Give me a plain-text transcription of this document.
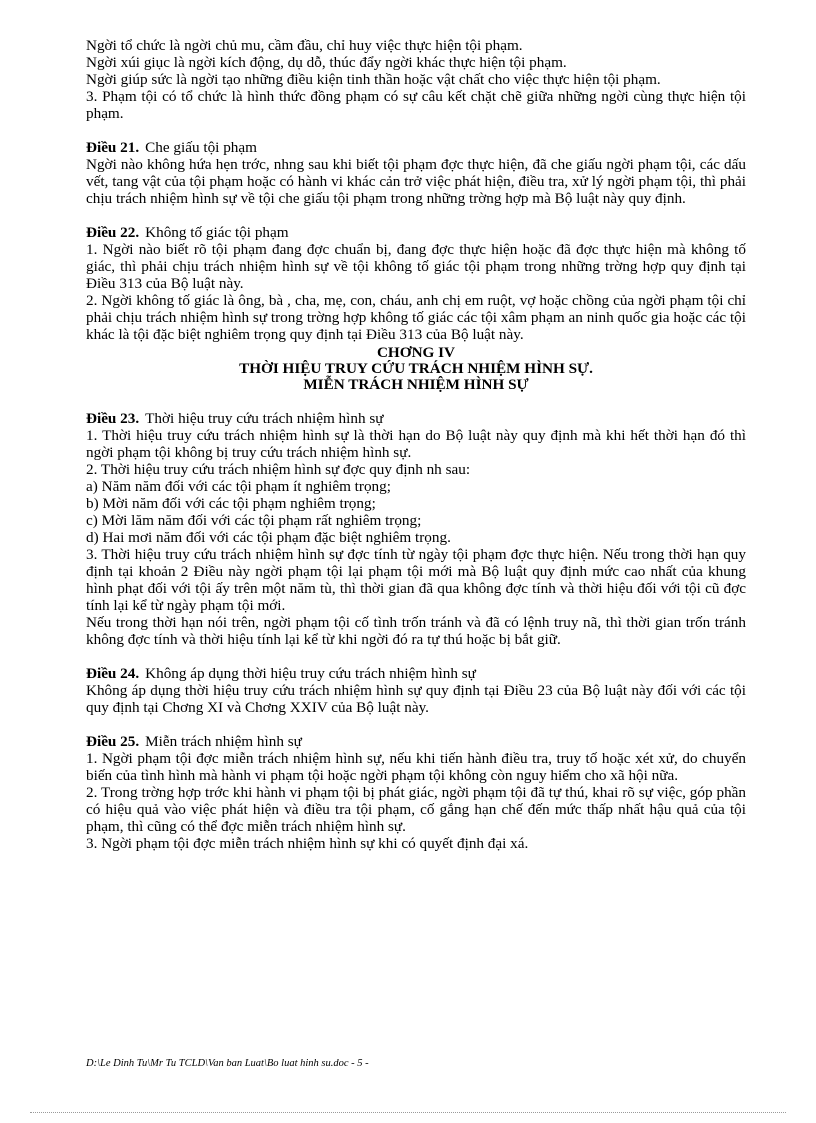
Ngời tổ chức là ngời chủ mu, cầm đầu, chỉ huy việc thực hiện tội phạm.

Ngời xúi giục là ngời kích động, dụ dỗ, thúc đẩy ngời khác thực hiện tội phạm.

Ngời giúp sức là ngời tạo những điều kiện tinh thần hoặc vật chất cho việc thực hiện tội phạm.

3. Phạm tội có tổ chức là hình thức đồng phạm có sự câu kết chặt chẽ giữa những ngời cùng thực hiện tội phạm.

Điều 21. Che giấu tội phạm

Ngời nào không hứa hẹn trớc, nhng sau khi biết tội phạm đợc thực hiện, đã che giấu ngời phạm tội, các dấu vết, tang vật của tội phạm hoặc có hành vi khác cản trở việc phát hiện, điều tra, xử lý ngời phạm tội, thì phải chịu trách nhiệm hình sự về tội che giấu tội phạm trong những trờng hợp mà Bộ luật này quy định.

Điều 22. Không tố giác tội phạm

1. Ngời nào biết rõ tội phạm đang đợc chuẩn bị, đang đợc thực hiện hoặc đã đợc thực hiện mà không tố giác, thì phải chịu trách nhiệm hình sự về tội không tố giác tội phạm trong những trờng hợp quy định tại Điều 313 của Bộ luật này.

2. Ngời không tố giác là ông, bà , cha, mẹ, con, cháu, anh chị em ruột, vợ hoặc chồng của ngời phạm tội chỉ phải chịu trách nhiệm hình sự trong trờng hợp không tố giác các tội xâm phạm an ninh quốc gia hoặc các tội khác là tội đặc biệt nghiêm trọng quy định tại Điều 313 của Bộ luật này.

CHƠNG IV

THỜI HIỆU TRUY CỨU TRÁCH NHIỆM HÌNH SỰ.

MIỄN TRÁCH NHIỆM HÌNH SỰ

Điều 23. Thời hiệu truy cứu trách nhiệm hình sự

1. Thời hiệu truy cứu trách nhiệm hình sự là thời hạn do Bộ luật này quy định mà khi hết thời hạn đó thì ngời phạm tội không bị truy cứu trách nhiệm hình sự.

2. Thời hiệu truy cứu trách nhiệm hình sự đợc quy định nh sau:

a) Năm năm đối với các tội phạm ít nghiêm trọng;

b) Mời năm đối với các tội phạm nghiêm trọng;

c) Mời lăm năm đối với các tội phạm rất nghiêm trọng;

d) Hai mơi năm đối với các tội phạm đặc biệt nghiêm trọng.

3. Thời hiệu truy cứu trách nhiệm hình sự đợc tính từ ngày tội phạm đợc thực hiện. Nếu trong thời hạn quy định tại khoản 2 Điều này ngời phạm tội lại phạm tội mới mà Bộ luật quy định mức cao nhất của khung hình phạt đối với tội ấy trên một năm tù, thì thời gian đã qua không đợc tính và thời hiệu đối với tội cũ đợc tính lại kể từ ngày phạm tội mới.

Nếu trong thời hạn nói trên, ngời phạm tội cố tình trốn tránh và đã có lệnh truy nã, thì thời gian trốn tránh không đợc tính và thời hiệu tính lại kể từ khi ngời đó ra tự thú hoặc bị bắt giữ.

Điều 24. Không áp dụng thời hiệu truy cứu trách nhiệm hình sự

Không áp dụng thời hiệu truy cứu trách nhiệm hình sự quy định tại Điều 23 của Bộ luật này đối với các tội quy định tại Chơng XI và Chơng XXIV của Bộ luật này.

Điều 25. Miễn trách nhiệm hình sự

1. Ngời phạm tội đợc miễn trách nhiệm hình sự, nếu khi tiến hành điều tra, truy tố hoặc xét xử, do chuyển biến của tình hình mà hành vi phạm tội hoặc ngời phạm tội không còn nguy hiểm cho xã hội nữa.

2. Trong trờng hợp trớc khi hành vi phạm tội bị phát giác, ngời phạm tội đã tự thú, khai rõ sự việc, góp phần có hiệu quả vào việc phát hiện và điều tra tội phạm, cố gắng hạn chế đến mức thấp nhất hậu quả của tội phạm, thì cũng có thể đợc miễn trách nhiệm hình sự.

3. Ngời phạm tội đợc miễn trách nhiệm hình sự khi có quyết định đại xá.

D:\Le Dinh Tu\Mr Tu TCLD\Van ban Luat\Bo luat hinh su.doc - 5 -
